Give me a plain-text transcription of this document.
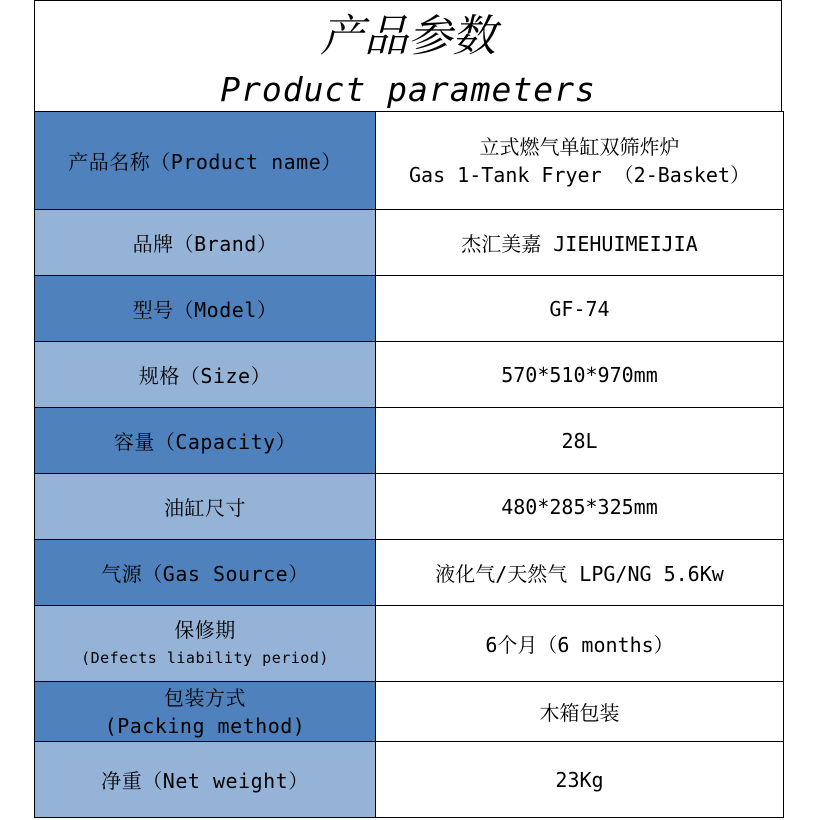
产品参数
Product parameters
产品名称（Product name）	立式燃气单缸双筛炸炉
Gas 1-Tank Fryer （2-Basket）

品牌（Brand）	杰汇美嘉 JIEHUIMEIJIA
型号（Model）	GF-74
规格（Size）	570*510*970mm
容量（Capacity）	28L
油缸尺寸	480*285*325mm
气源（Gas Source）	液化气/天然气 LPG/NG 5.6Kw

保修期
(Defects liability period)	6个月（6 months）

包装方式
(Packing method)	木箱包装
净重（Net weight）	23Kg
